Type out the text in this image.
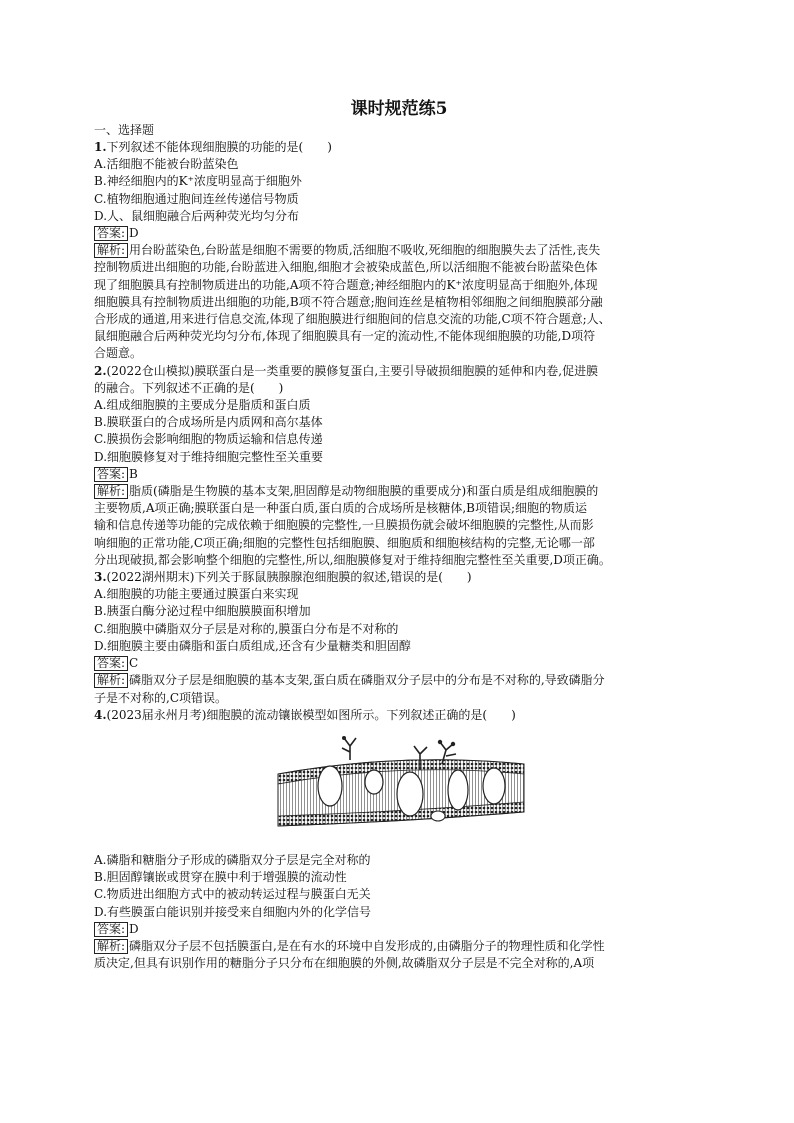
课时规范练5
一、选择题
1.下列叙述不能体现细胞膜的功能的是(　　)
A.活细胞不能被台盼蓝染色
B.神经细胞内的K⁺浓度明显高于细胞外
C.植物细胞通过胞间连丝传递信号物质
D.人、鼠细胞融合后两种荧光均匀分布
答案: D
解析: 用台盼蓝染色,台盼蓝是细胞不需要的物质,活细胞不吸收,死细胞的细胞膜失去了活性,丧失
控制物质进出细胞的功能,台盼蓝进入细胞,细胞才会被染成蓝色,所以活细胞不能被台盼蓝染色体
现了细胞膜具有控制物质进出的功能,A项不符合题意;神经细胞内的K⁺浓度明显高于细胞外,体现
细胞膜具有控制物质进出细胞的功能,B项不符合题意;胞间连丝是植物相邻细胞之间细胞膜部分融
合形成的通道,用来进行信息交流,体现了细胞膜进行细胞间的信息交流的功能,C项不符合题意;人、
鼠细胞融合后两种荧光均匀分布,体现了细胞膜具有一定的流动性,不能体现细胞膜的功能,D项符
合题意。
2.(2022仓山模拟)膜联蛋白是一类重要的膜修复蛋白,主要引导破损细胞膜的延伸和内卷,促进膜
的融合。下列叙述不正确的是(　　)
A.组成细胞膜的主要成分是脂质和蛋白质
B.膜联蛋白的合成场所是内质网和高尔基体
C.膜损伤会影响细胞的物质运输和信息传递
D.细胞膜修复对于维持细胞完整性至关重要
答案: B
解析: 脂质(磷脂是生物膜的基本支架,胆固醇是动物细胞膜的重要成分)和蛋白质是组成细胞膜的
主要物质,A项正确;膜联蛋白是一种蛋白质,蛋白质的合成场所是核糖体,B项错误;细胞的物质运
输和信息传递等功能的完成依赖于细胞膜的完整性,一旦膜损伤就会破坏细胞膜的完整性,从而影
响细胞的正常功能,C项正确;细胞的完整性包括细胞膜、细胞质和细胞核结构的完整,无论哪一部
分出现破损,都会影响整个细胞的完整性,所以,细胞膜修复对于维持细胞完整性至关重要,D项正确。
3.(2022湖州期末)下列关于豚鼠胰腺腺泡细胞膜的叙述,错误的是(　　)
A.细胞膜的功能主要通过膜蛋白来实现
B.胰蛋白酶分泌过程中细胞膜膜面积增加
C.细胞膜中磷脂双分子层是对称的,膜蛋白分布是不对称的
D.细胞膜主要由磷脂和蛋白质组成,还含有少量糖类和胆固醇
答案: C
解析: 磷脂双分子层是细胞膜的基本支架,蛋白质在磷脂双分子层中的分布是不对称的,导致磷脂分
子是不对称的,C项错误。
4.(2023届永州月考)细胞膜的流动镶嵌模型如图所示。下列叙述正确的是(　　)
A.磷脂和糖脂分子形成的磷脂双分子层是完全对称的
B.胆固醇镶嵌或贯穿在膜中利于增强膜的流动性
C.物质进出细胞方式中的被动转运过程与膜蛋白无关
D.有些膜蛋白能识别并接受来自细胞内外的化学信号
答案: D
解析: 磷脂双分子层不包括膜蛋白,是在有水的环境中自发形成的,由磷脂分子的物理性质和化学性
质决定,但具有识别作用的糖脂分子只分布在细胞膜的外侧,故磷脂双分子层是不完全对称的,A项
